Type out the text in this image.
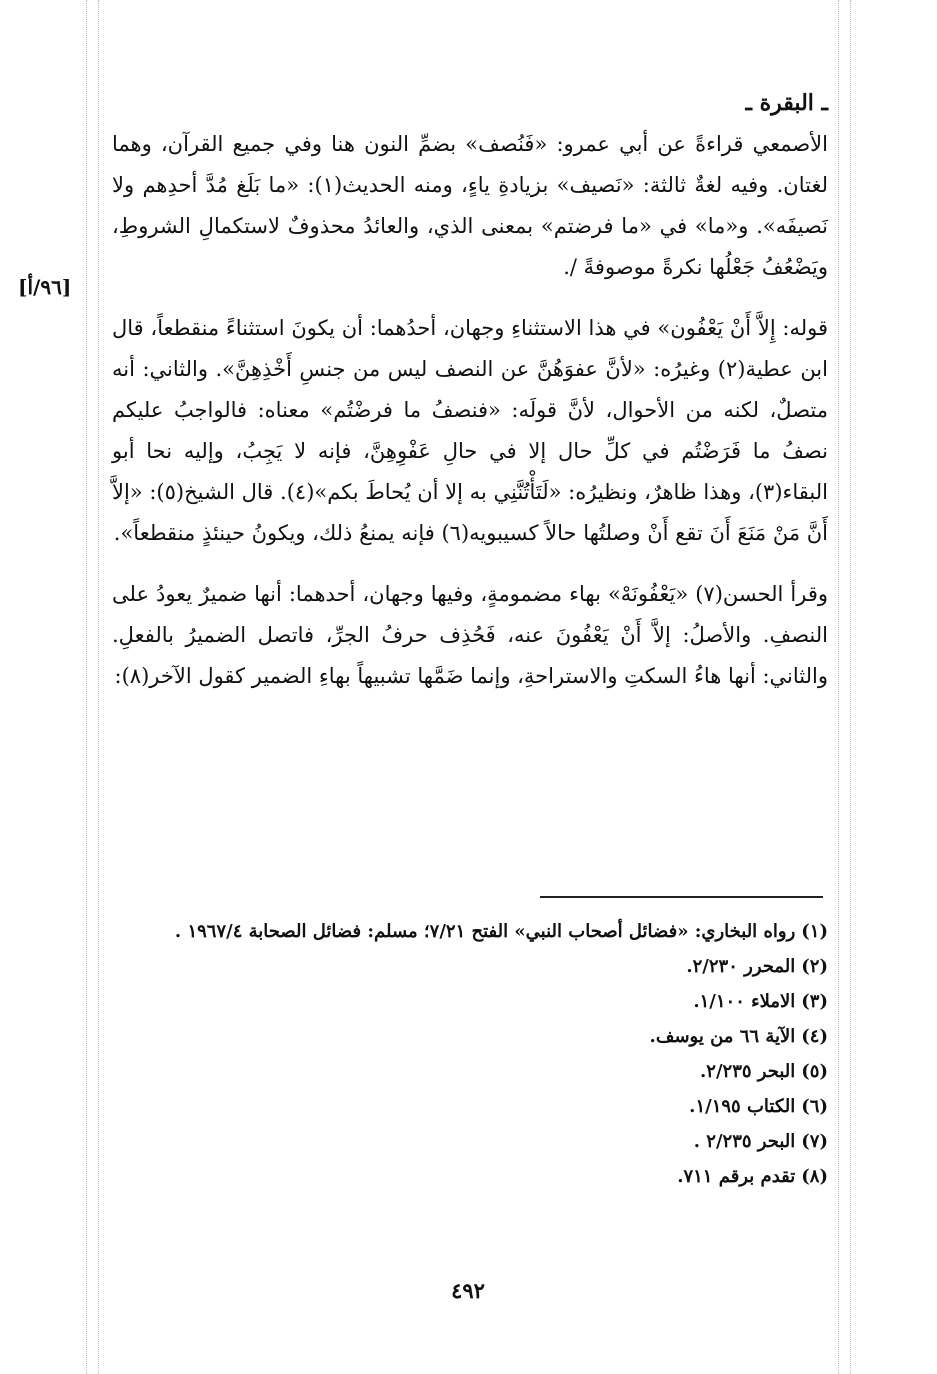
ـ البقرة ـ
[٩٦/أ]

الأصمعي قراءةً عن أبي عمرو: «فَنُصف» بضمِّ النون هنا وفي جميع القرآن، وهما لغتان. وفيه لغةٌ ثالثة: «نَصيف» بزيادةِ ياءٍ، ومنه الحديث(١): «ما بَلَغ مُدَّ أحدِهم ولا نَصيفَه». و«ما» في «ما فرضتم» بمعنى الذي، والعائدُ محذوفٌ لاستكمالِ الشروطِ، ويَضْعُفُ جَعْلُها نكرةً موصوفةً /.

قوله: إِلاَّ أَنْ يَعْفُون» في هذا الاستثناءِ وجهان، أحدُهما: أن يكونَ استثناءً منقطعاً، قال ابن عطية(٢) وغيرُه: «لأنَّ عفوَهُنَّ عن النصف ليس من جنسِ أَخْذِهِنَّ». والثاني: أنه متصلٌ، لكنه من الأحوال، لأنَّ قولَه: «فنصفُ ما فرضْتُم» معناه: فالواجبُ عليكم نصفُ ما فَرَضْتُم في كلِّ حال إلا في حالِ عَفْوِهِنَّ، فإنه لا يَجِبُ، وإليه نحا أبو البقاء(٣)، وهذا ظاهرٌ، ونظيرُه: «لَتَأْتُنَّنِي به إلا أن يُحاطَ بكم»(٤). قال الشيخ(٥): «إلاَّ أَنَّ مَنْ مَنَعَ أَنَ تقع أَنْ وصلتُها حالاً كسيبويه(٦) فإنه يمنعُ ذلك، ويكونُ حينئذٍ منقطعاً».

وقرأ الحسن(٧) «يَعْفُونَهْ» بهاء مضمومةٍ، وفيها وجهان، أحدهما: أنها ضميرٌ يعودُ على النصفِ. والأصلُ: إلاَّ أَنْ يَعْفُونَ عنه، فَحُذِف حرفُ الجرِّ، فاتصل الضميرُ بالفعلِ. والثاني: أنها هاءُ السكتِ والاستراحةِ، وإنما ضَمَّها تشبيهاً بهاءِ الضمير كقول الآخر(٨):

(١)رواه البخاري: «فضائل أصحاب النبي» الفتح ٧/٢١؛ مسلم: فضائل الصحابة ١٩٦٧/٤ .
(٢)المحرر ٢/٢٣٠.
(٣)الاملاء ١/١٠٠.
(٤)الآية ٦٦ من يوسف.
(٥)البحر ٢/٢٣٥.
(٦)الكتاب ١/١٩٥.
(٧)البحر ٢/٢٣٥ .
(٨)تقدم برقم ٧١١.
٤٩٢
